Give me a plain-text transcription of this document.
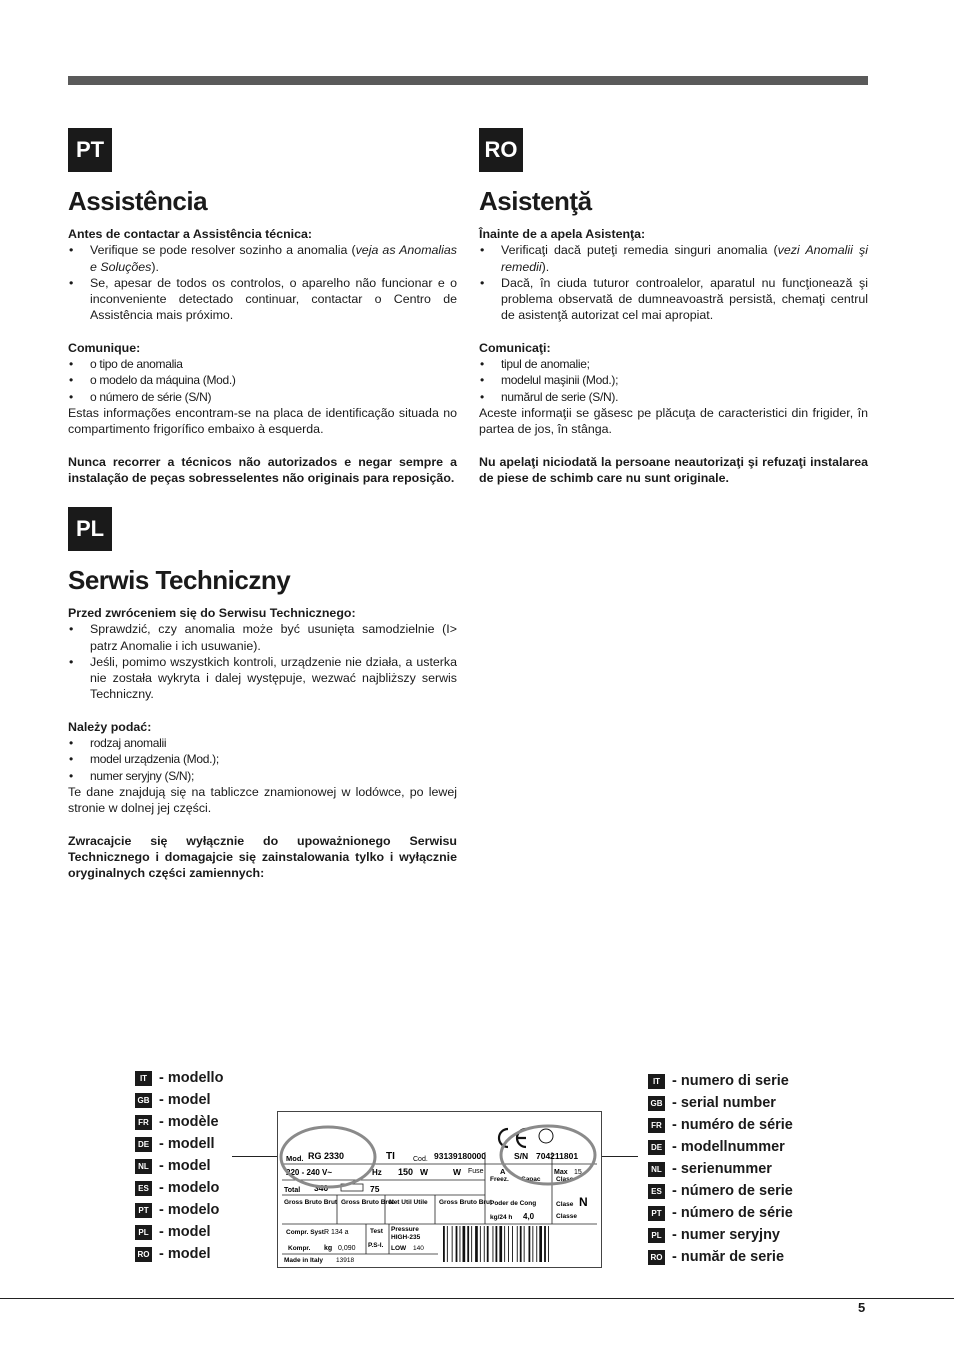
PT
Assistência

Antes de contactar a Assistência técnica:

• Verifique se pode resolver sozinho a anomalia (veja as Anomalias e Soluções).
• Se, apesar de todos os controlos, o aparelho não funcionar e o inconveniente detectado continuar, contactar o Centro de Assistência mais próximo.

Comunique:

• o tipo de anomalia
• o modelo da máquina (Mod.)
• o número de série (S/N)

Estas informações encontram-se na placa de identificação situada no compartimento frigorífico embaixo à esquerda.

Nunca recorrer a técnicos não autorizados e negar sempre a instalação de peças sobresselentes não originais para reposição.

RO
Asistenţă

Înainte de a apela Asistenţa:

• Verificaţi dacă puteţi remedia singuri anomalia (vezi Anomalii şi remedii).
• Dacă, în ciuda tuturor controalelor, aparatul nu funcţionează şi problema observată de dumneavoastră persistă, chemaţi centrul de asistenţă autorizat cel mai apropiat.

Comunicaţi:

• tipul de anomalie;
• modelul maşinii (Mod.);
• numărul de serie (S/N).

Aceste informaţii se găsesc pe plăcuţa de caracteristici din frigider, în partea de jos, în stânga.

Nu apelaţi niciodată la persoane neautorizaţi şi refuzaţi instalarea de piese de schimb care nu sunt originale.

PL
Serwis Techniczny

Przed zwróceniem się do Serwisu Technicznego:

• Sprawdzić, czy anomalia może być usunięta samodzielnie (I> patrz Anomalie i ich usuwanie).
• Jeśli, pomimo wszystkich kontroli, urządzenie nie działa, a usterka nie została wykryta i dalej występuje, wezwać najbliższy serwis Techniczny.

Należy podać:

• rodzaj anomalii
• model urządzenia (Mod.);
• numer seryjny (S/N);

Te dane znajdują się na tabliczce znamionowej w lodówce, po lewej stronie w dolnej jej części.

Zwracajcie się wyłącznie do upoważnionego Serwisu Technicznego i domagajcie się zainstalowania tylko i wyłącznie oryginalnych części zamiennych:

IT - modello
GB - model
FR - modèle
DE - modell
NL - model
ES - modelo
PT - modelo
PL - model
RO - model
IT - numero di serie
GB - serial number
FR - numéro de série
DE - modellnummer
NL - serienummer
ES - número de serie
PT - número de série
PL - numer seryjny
RO - număr de serie
Mod. RG 2330	TI	Cod. 93139180000	S/N 704211801
220 - 240 V~	Hz 150 W	W Fuse A	Max 15
Total 340	75
Freez. Capac Class
Poder de Cong	Clase N
kg/24 h 4,0	Classe
Gross Bruto Brut Gross Bruto Brut
Net Util Utile Gross Bruto Brut
Compr. Syst.
R 134 a
Kompr. kg 0,090
Test
P.S-I.
Pressure
HIGH-235
LOW 140
Made in Italy 13918
5
